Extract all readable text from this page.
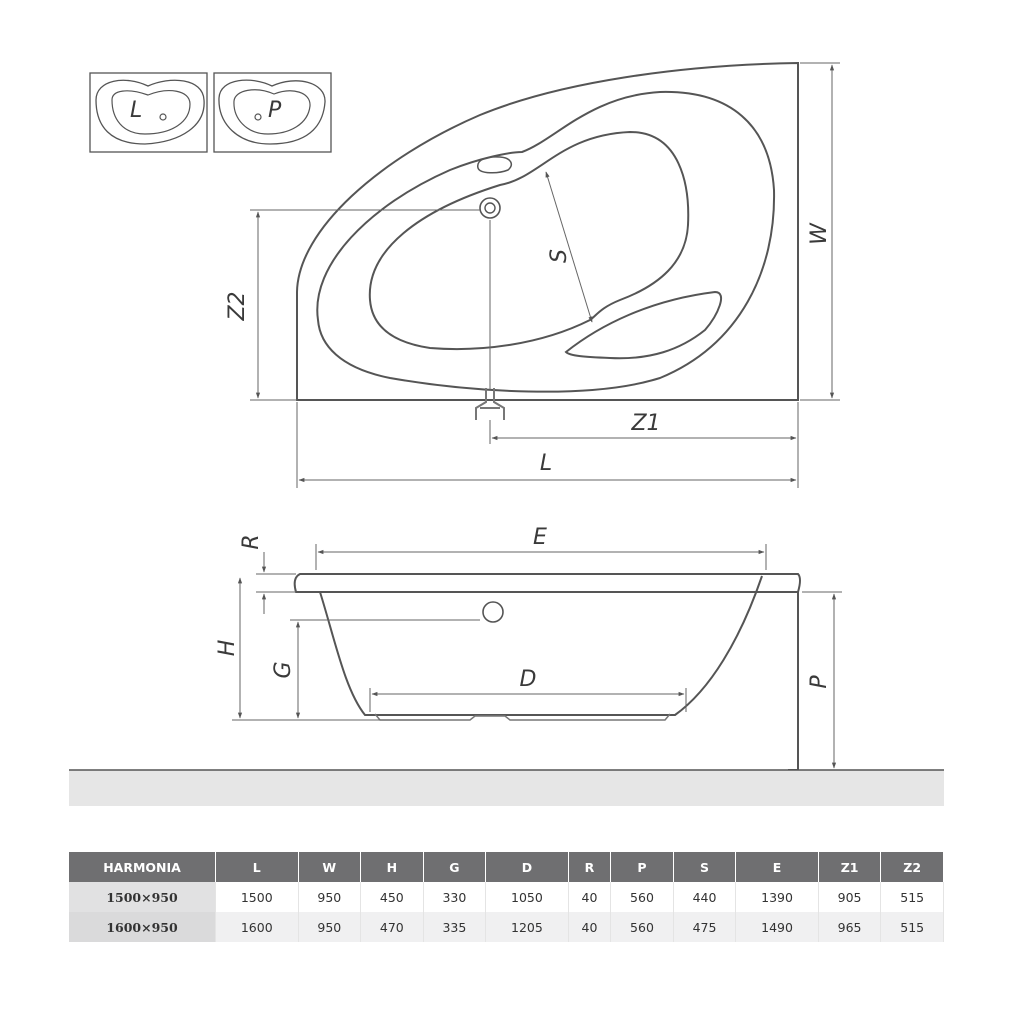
L	P
W
S
Z2
Z1
L
E
R
H
G	D	P
HARMONIA	L	W	H	G	D	R	P	S	E	Z1	Z2
1500×950	1500	950	450	330	1050	40	560	440	1390	905	515
1600×950	1600	950	470	335	1205	40	560	475	1490	965	515
